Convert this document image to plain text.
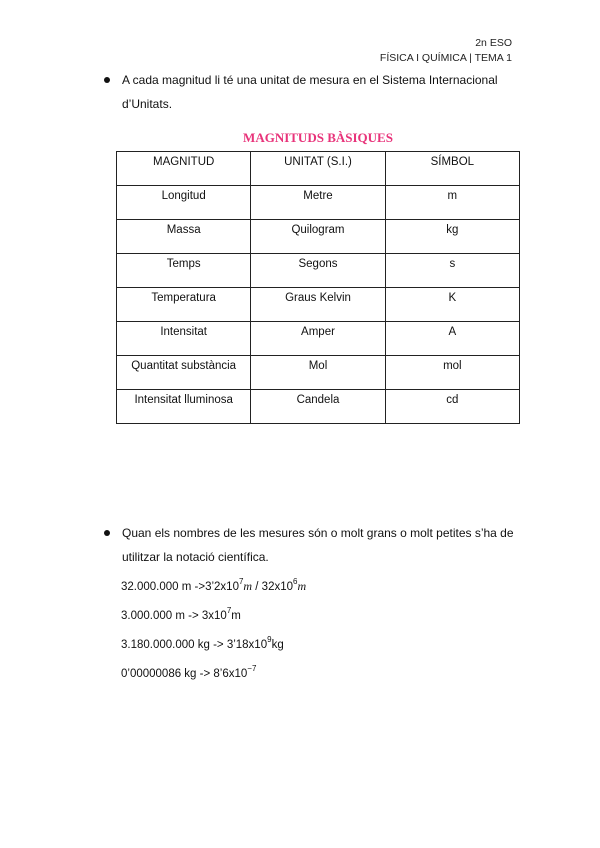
2n ESO
FÍSICA I QUÍMICA | TEMA 1
A cada magnitud li té una unitat de mesura en el Sistema Internacional
d’Unitats.
MAGNITUDS BÀSIQUES
MAGNITUD	UNITAT (S.I.)	SÍMBOL
Longitud	Metre	m
Massa	Quilogram	kg
Temps	Segons	s
Temperatura	Graus Kelvin	K
Intensitat	Amper	A
Quantitat substància	Mol	mol
Intensitat lluminosa	Candela	cd
Quan els nombres de les mesures són o molt grans o molt petites s’ha de
utilitzar la notació científica.
32.000.000 m $->3’2x10^7m / 32x10^6m$
3.000.000 $m -> 3x10^7m$
3.180.000.000 kg -> $3’18x10^9kg$
0’00000086 kg -> $8’6x10^{-7}$
